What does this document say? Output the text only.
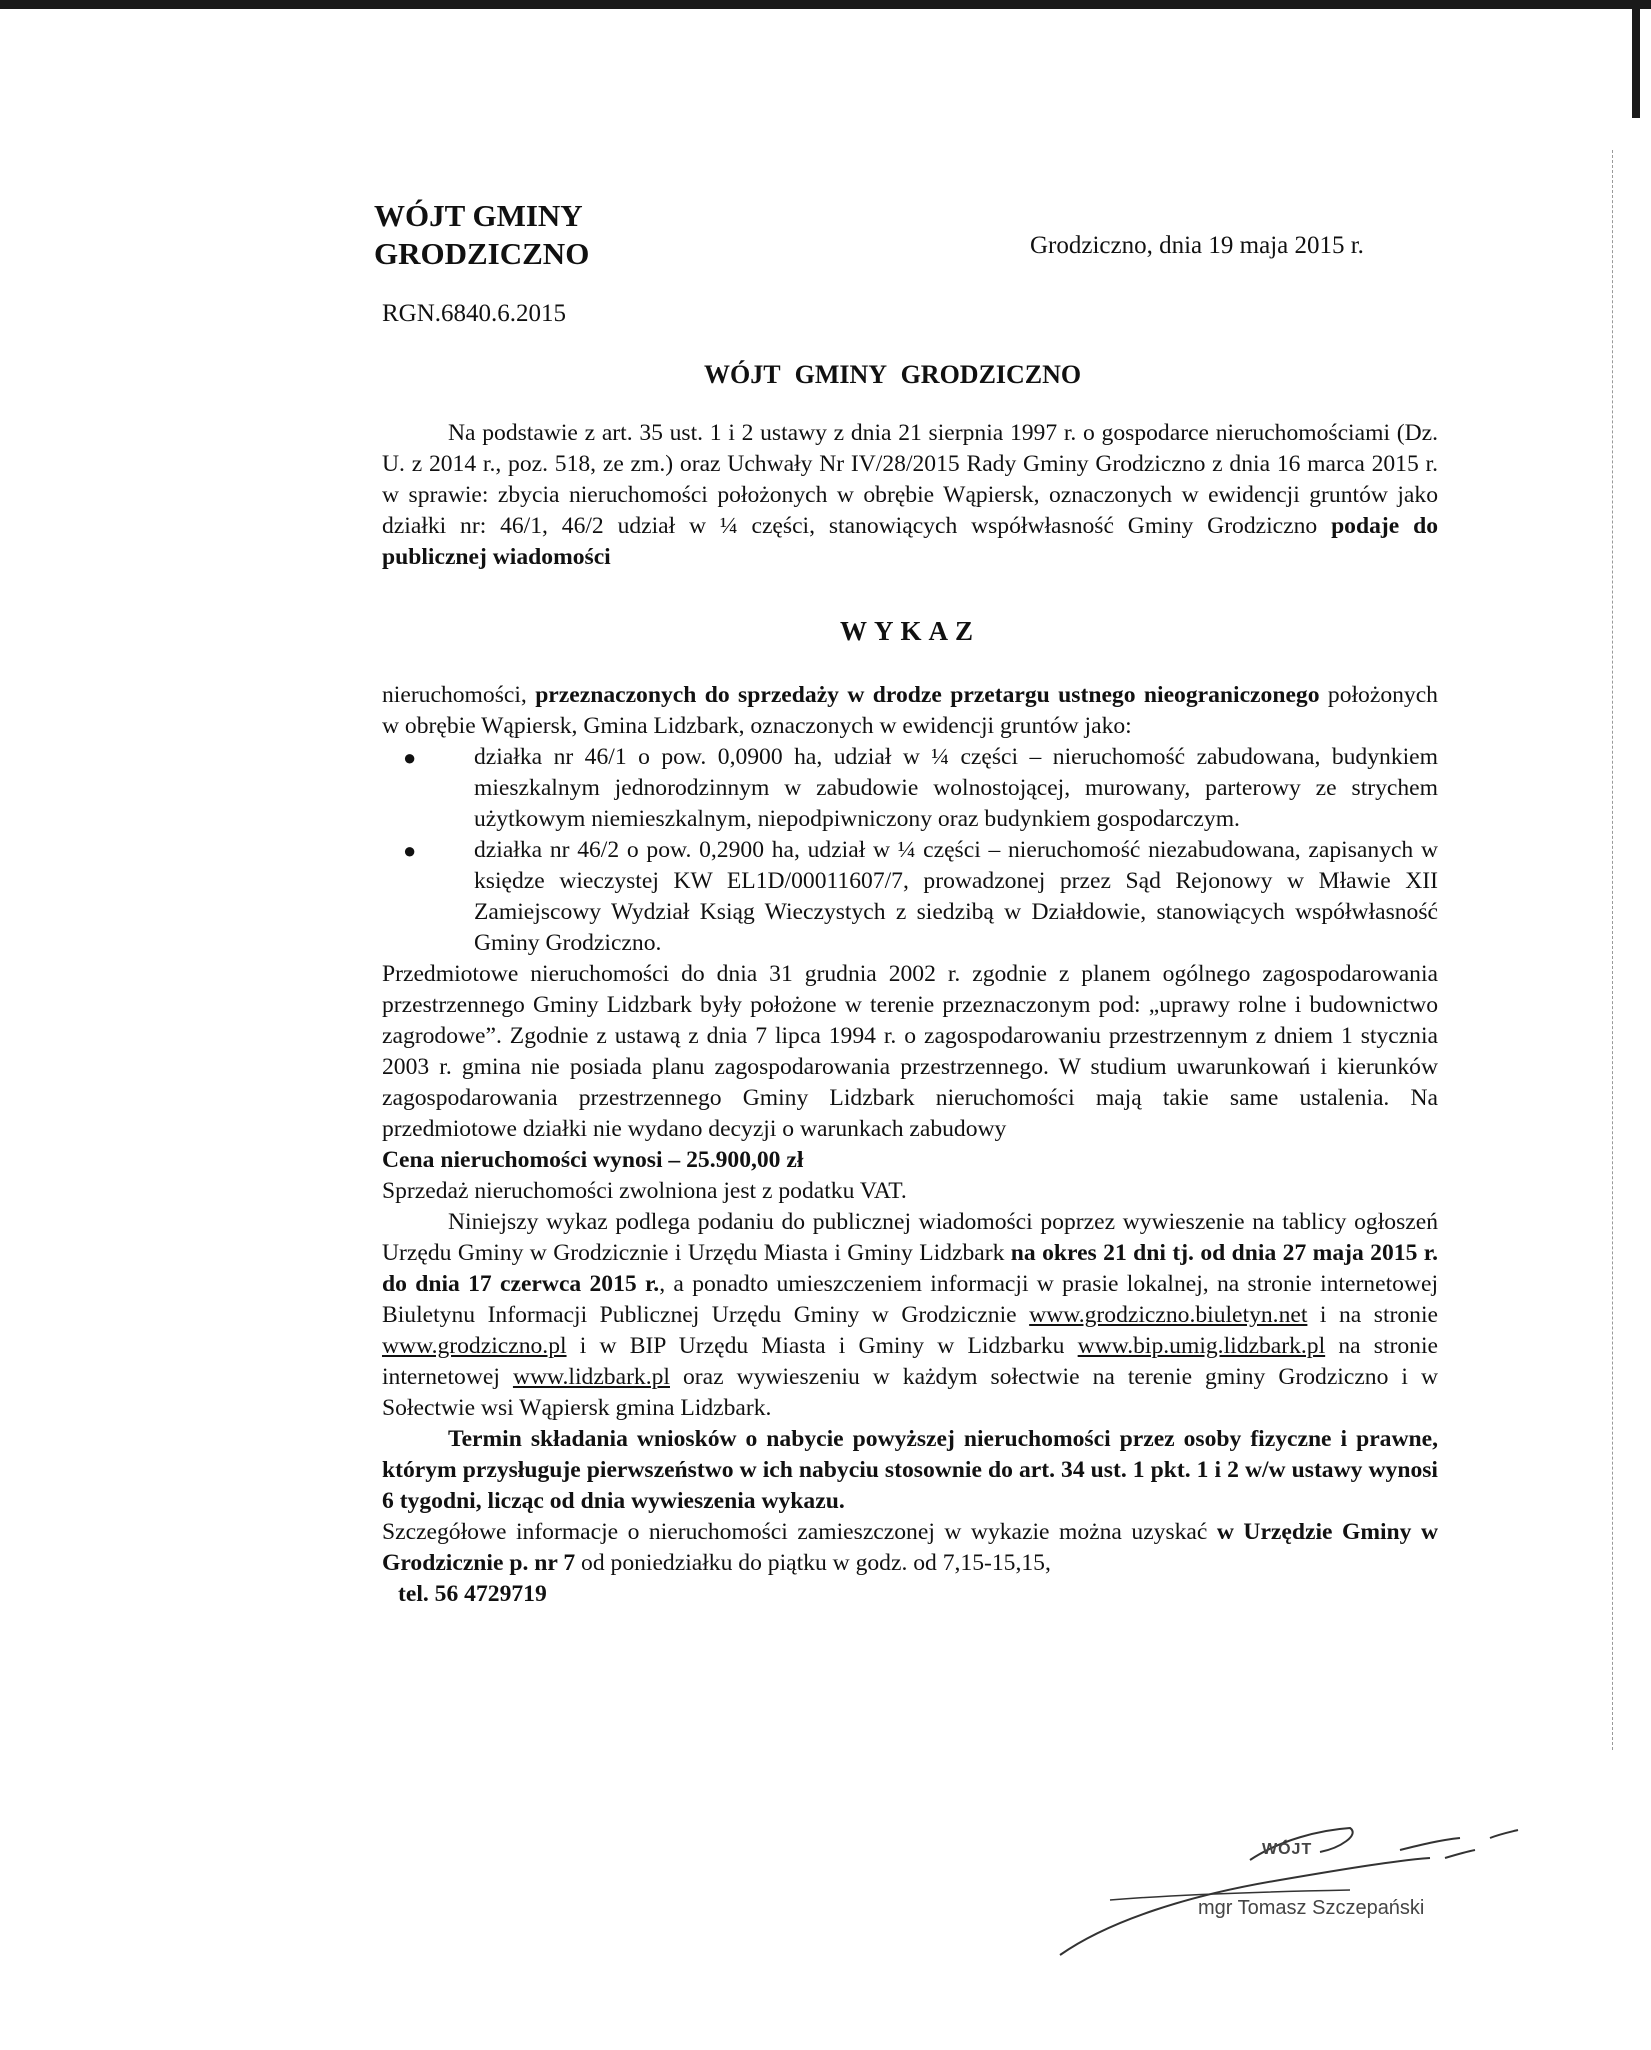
WÓJT GMINY
GRODZICZNO	Grodziczno, dnia 19 maja 2015 r.
RGN.6840.6.2015
WÓJT GMINY GRODZICZNO

Na podstawie z art. 35 ust. 1 i 2 ustawy z dnia 21 sierpnia 1997 r. o gospodarce nieruchomościami (Dz. U. z 2014 r., poz. 518, ze zm.) oraz Uchwały Nr IV/28/2015 Rady Gminy Grodziczno z dnia 16 marca 2015 r. w sprawie: zbycia nieruchomości położonych w obrębie Wąpiersk, oznaczonych w ewidencji gruntów jako działki nr: 46/1, 46/2 udział w ¼ części, stanowiących współwłasność Gminy Grodziczno podaje do publicznej wiadomości

WYKAZ

nieruchomości, przeznaczonych do sprzedaży w drodze przetargu ustnego nieograniczonego położonych w obrębie Wąpiersk, Gmina Lidzbark, oznaczonych w ewidencji gruntów jako:

● działka nr 46/1 o pow. 0,0900 ha, udział w ¼ części – nieruchomość zabudowana, budynkiem mieszkalnym jednorodzinnym w zabudowie wolnostojącej, murowany, parterowy ze strychem użytkowym niemieszkalnym, niepodpiwniczony oraz budynkiem gospodarczym.

● działka nr 46/2 o pow. 0,2900 ha, udział w ¼ części – nieruchomość niezabudowana, zapisanych w księdze wieczystej KW EL1D/00011607/7, prowadzonej przez Sąd Rejonowy w Mławie XII Zamiejscowy Wydział Ksiąg Wieczystych z siedzibą w Działdowie, stanowiących współwłasność Gminy Grodziczno.

Przedmiotowe nieruchomości do dnia 31 grudnia 2002 r. zgodnie z planem ogólnego zagospodarowania przestrzennego Gminy Lidzbark były położone w terenie przeznaczonym pod: „uprawy rolne i budownictwo zagrodowe”. Zgodnie z ustawą z dnia 7 lipca 1994 r. o zagospodarowaniu przestrzennym z dniem 1 stycznia 2003 r. gmina nie posiada planu zagospodarowania przestrzennego. W studium uwarunkowań i kierunków zagospodarowania przestrzennego Gminy Lidzbark nieruchomości mają takie same ustalenia. Na przedmiotowe działki nie wydano decyzji o warunkach zabudowy

Cena nieruchomości wynosi – 25.900,00 zł

Sprzedaż nieruchomości zwolniona jest z podatku VAT.

Niniejszy wykaz podlega podaniu do publicznej wiadomości poprzez wywieszenie na tablicy ogłoszeń Urzędu Gminy w Grodzicznie i Urzędu Miasta i Gminy Lidzbark na okres 21 dni tj. od dnia 27 maja 2015 r. do dnia 17 czerwca 2015 r., a ponadto umieszczeniem informacji w prasie lokalnej, na stronie internetowej Biuletynu Informacji Publicznej Urzędu Gminy w Grodzicznie www.grodziczno.biuletyn.net i na stronie www.grodziczno.pl i w BIP Urzędu Miasta i Gminy w Lidzbarku www.bip.umig.lidzbark.pl na stronie internetowej www.lidzbark.pl oraz wywieszeniu w każdym sołectwie na terenie gminy Grodziczno i w Sołectwie wsi Wąpiersk gmina Lidzbark.

Termin składania wniosków o nabycie powyższej nieruchomości przez osoby fizyczne i prawne, którym przysługuje pierwszeństwo w ich nabyciu stosownie do art. 34 ust. 1 pkt. 1 i 2 w/w ustawy wynosi 6 tygodni, licząc od dnia wywieszenia wykazu.

Szczegółowe informacje o nieruchomości zamieszczonej w wykazie można uzyskać w Urzędzie Gminy w Grodzicznie p. nr 7 od poniedziałku do piątku w godz. od 7,15-15,15,

tel. 56 4729719

WÓJT
mgr Tomasz Szczepański
